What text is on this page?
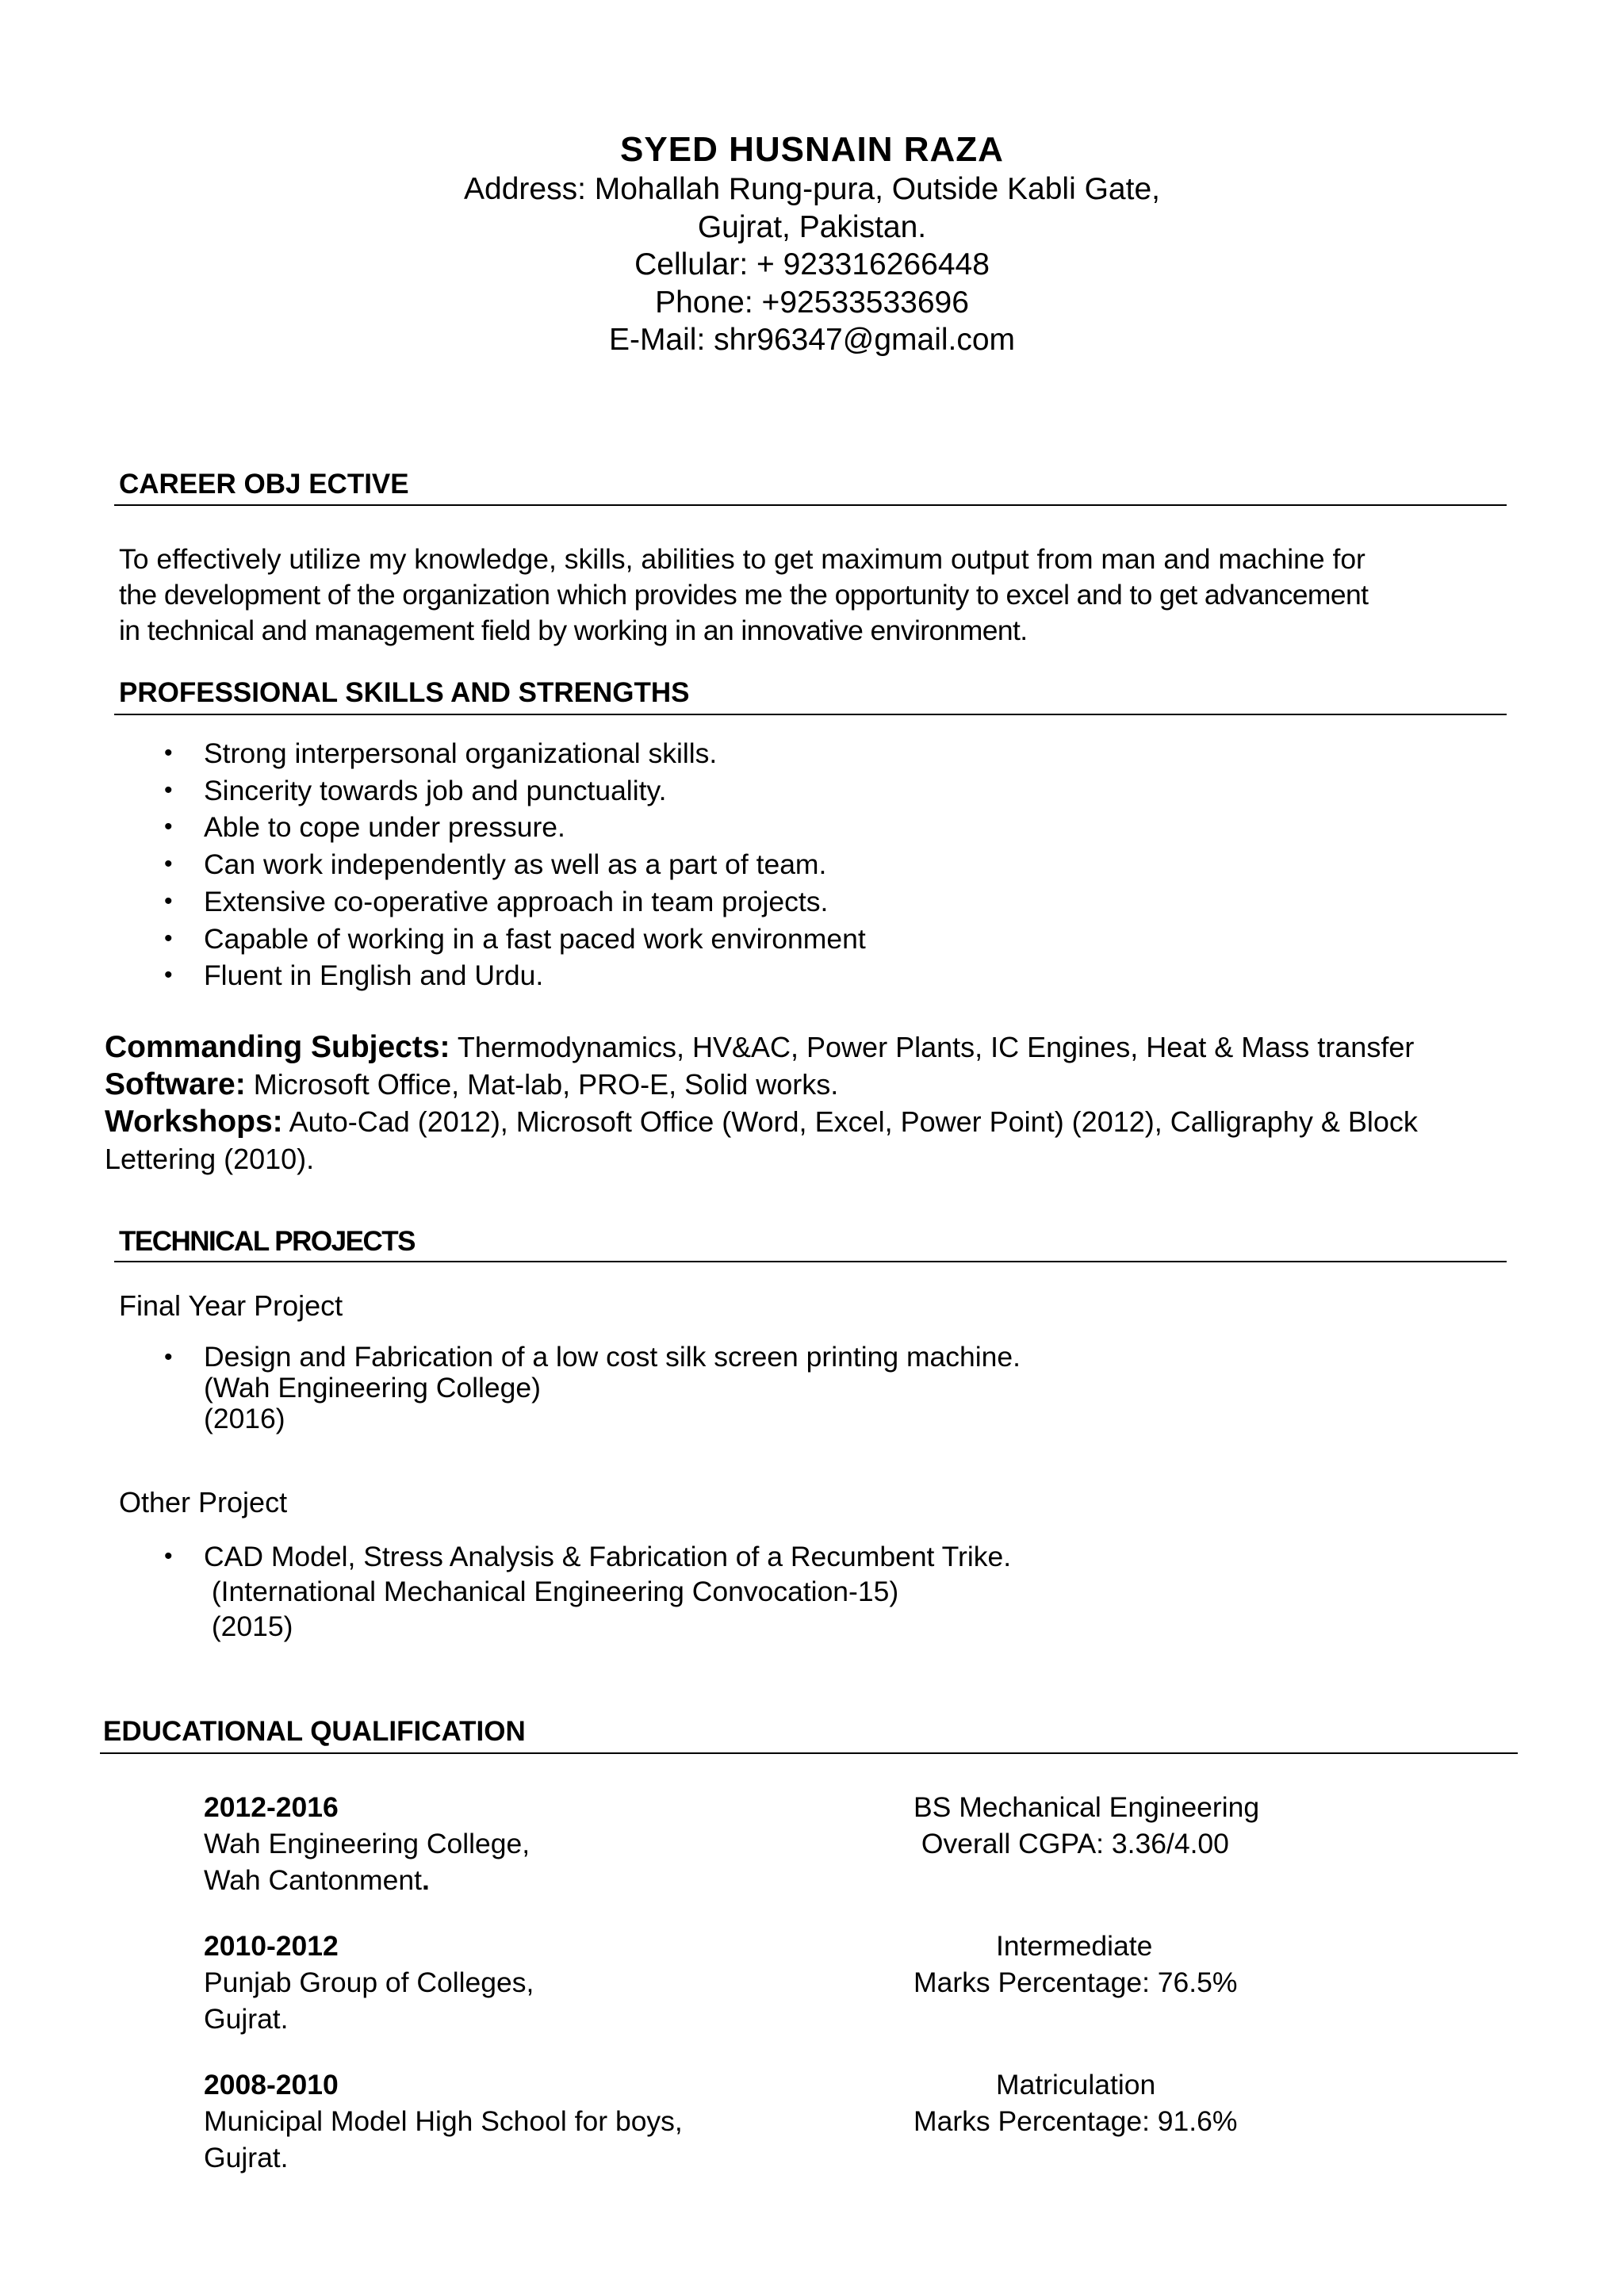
SYED HUSNAIN RAZA
Address: Mohallah Rung-pura, Outside Kabli Gate,
Gujrat, Pakistan.
Cellular: + 923316266448
Phone: +92533533696
E-Mail: shr96347@gmail.com
CAREER OBJ ECTIVE
To effectively utilize my knowledge, skills, abilities to get maximum output from man and machine for
the development of the organization which provides me the opportunity to excel and to get advancement
in technical and management field by working in an innovative environment.
PROFESSIONAL SKILLS AND STRENGTHS
• Strong interpersonal organizational skills.
• Sincerity towards job and punctuality.
• Able to cope under pressure.
• Can work independently as well as a part of team.
• Extensive co-operative approach in team projects.
• Capable of working in a fast paced work environment
• Fluent in English and Urdu.
Commanding Subjects: Thermodynamics, HV&AC, Power Plants, IC Engines, Heat & Mass transfer
Software: Microsoft Office, Mat-lab, PRO-E, Solid works.
Workshops: Auto-Cad (2012), Microsoft Office (Word, Excel, Power Point) (2012), Calligraphy & Block
Lettering (2010).
TECHNICAL PROJECTS
Final Year Project
• Design and Fabrication of a low cost silk screen printing machine.
(Wah Engineering College)
(2016)
Other Project
• CAD Model, Stress Analysis & Fabrication of a Recumbent Trike.
(International Mechanical Engineering Convocation-15)
(2015)
EDUCATIONAL QUALIFICATION
2012-2016
Wah Engineering College,
Wah Cantonment.
BS Mechanical Engineering
Overall CGPA: 3.36/4.00
2010-2012
Punjab Group of Colleges,
Gujrat.
Intermediate
Marks Percentage: 76.5%
2008-2010
Municipal Model High School for boys,
Gujrat.
Matriculation
Marks Percentage: 91.6%
